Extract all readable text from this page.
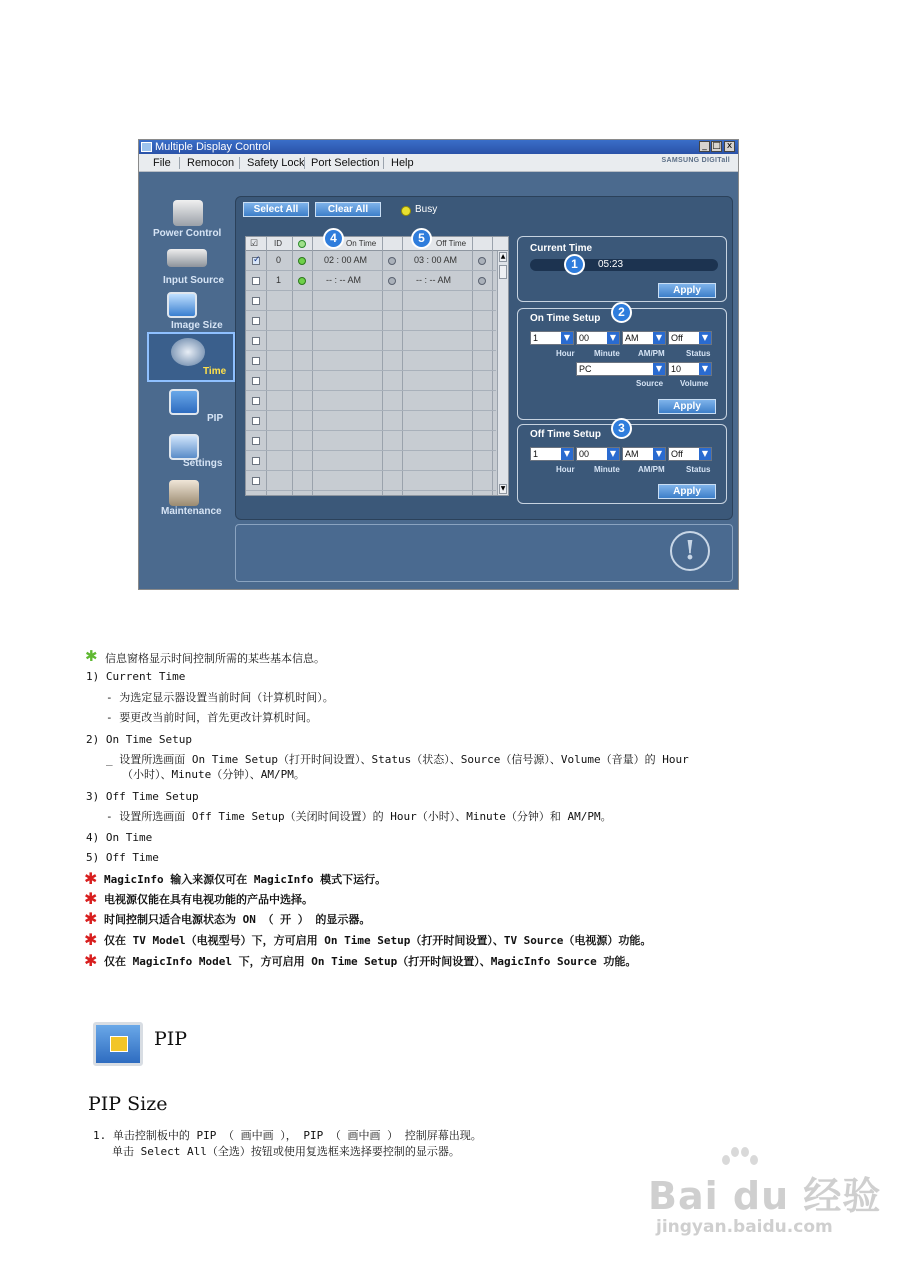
Multiple Display Control	_ □ x
File Remocon Safety Lock Port Selection Help	SAMSUNG DIGITall
Power Control
Input Source
Image Size
Time
PIP
Settings
Maintenance
Select All	Clear All	Busy
☑ ID	On Time	Off Time
✓ 0	02 : 00 AM	03 : 00 AM
1	-- : -- AM	-- : -- AM
▲
▼
4	5
Current Time
05:23
Apply
1
On Time Setup
1	▼ 00	▼ AM	▼ Off	▼
Hour Minute AM/PM	Status
PC	▼ 10	▼
Source Volume
Apply
2
Off Time Setup
1	▼ 00	▼ AM	▼ Off	▼
Hour Minute AM/PM	Status
Apply
3
!
✱ 信息窗格显示时间控制所需的某些基本信息。
1) Current Time
- 为选定显示器设置当前时间（计算机时间）。
- 要更改当前时间，首先更改计算机时间。
2) On Time Setup
_ 设置所选画面 On Time Setup（打开时间设置）、Status（状态）、Source（信号源）、Volume（音量）的 Hour
（小时）、Minute（分钟）、AM/PM。
3) Off Time Setup
- 设置所选画面 Off Time Setup（关闭时间设置）的 Hour（小时）、Minute（分钟）和 AM/PM。
4) On Time
5) Off Time
✱ MagicInfo 输入来源仅可在 MagicInfo 模式下运行。
✱ 电视源仅能在具有电视功能的产品中选择。
✱ 时间控制只适合电源状态为 ON （ 开 ） 的显示器。
✱ 仅在 TV Model（电视型号）下，方可启用 On Time Setup（打开时间设置）、TV Source（电视源）功能。
✱ 仅在 MagicInfo Model 下，方可启用 On Time Setup（打开时间设置）、MagicInfo Source 功能。
PIP
PIP Size
1. 单击控制板中的 PIP （ 画中画 ）， PIP （ 画中画 ） 控制屏幕出现。
单击 Select All（全选）按钮或使用复选框来选择要控制的显示器。
Bai du 经验
jingyan.baidu.com
